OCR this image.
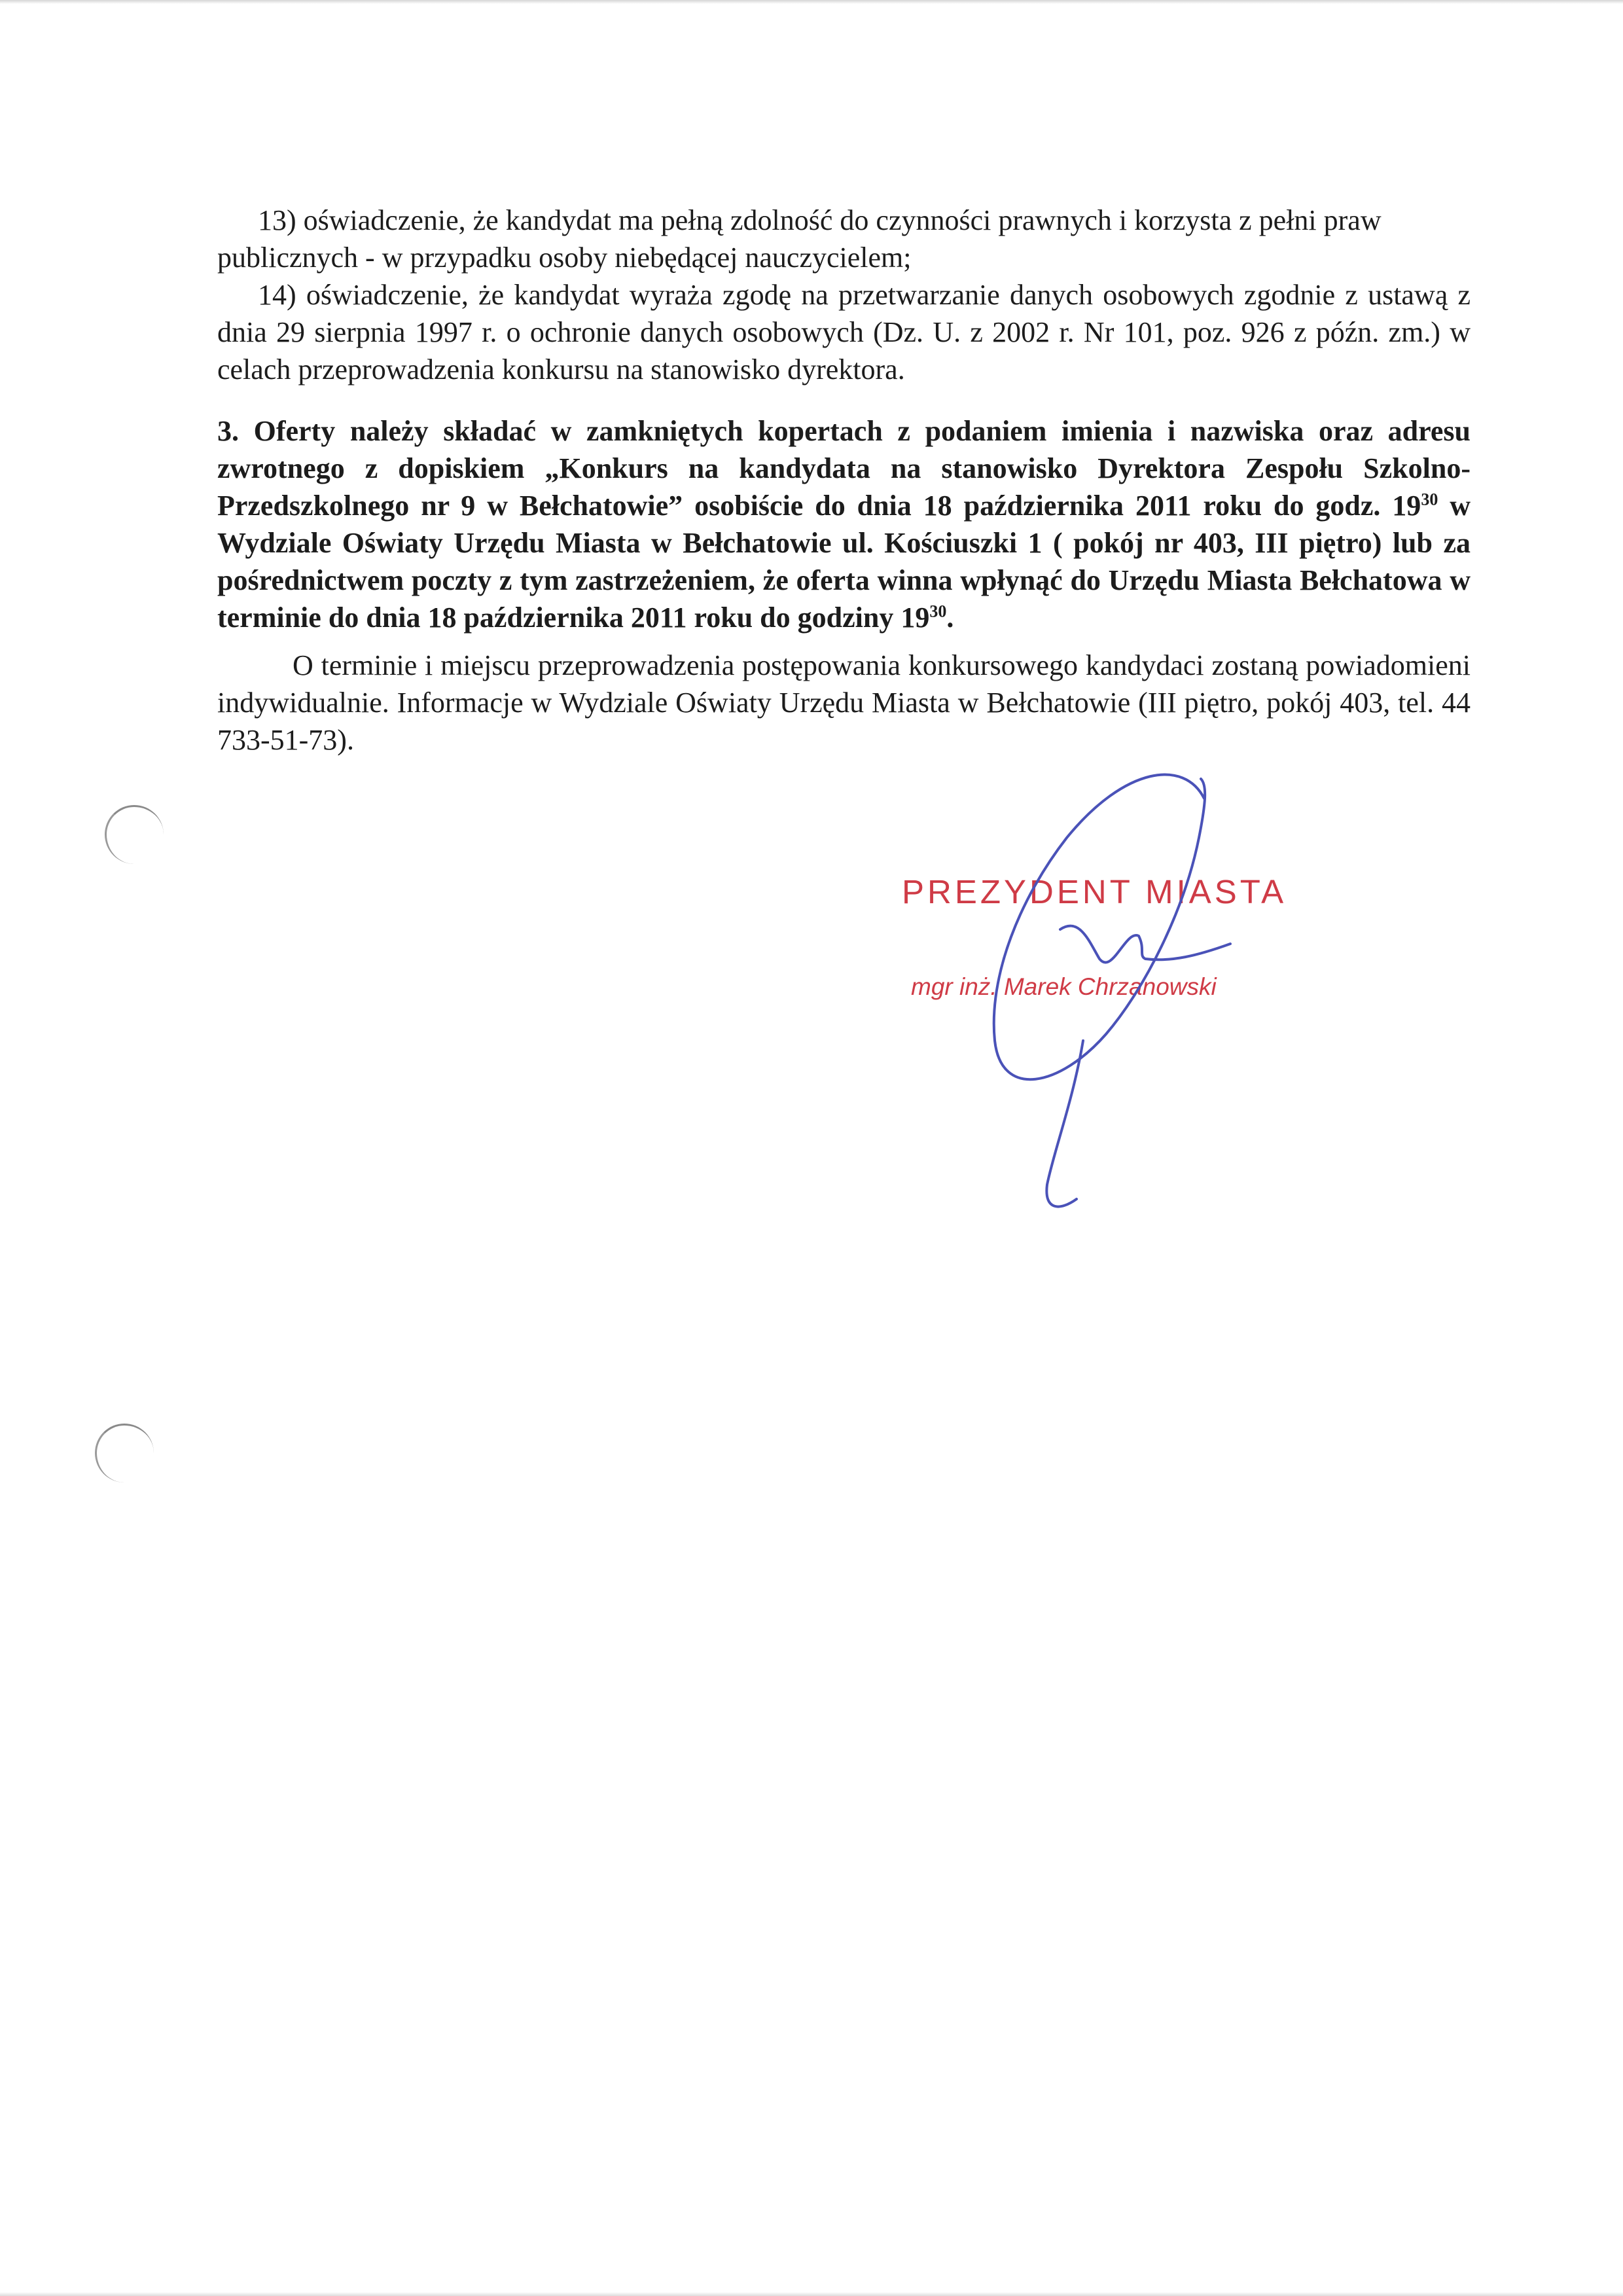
13) oświadczenie, że kandydat ma pełną zdolność do czynności prawnych i korzysta z pełni praw

publicznych - w przypadku osoby niebędącej nauczycielem;

14) oświadczenie, że kandydat wyraża zgodę na przetwarzanie danych osobowych zgodnie z ustawą z dnia 29 sierpnia 1997 r. o ochronie danych osobowych (Dz. U. z 2002 r. Nr 101, poz. 926 z późn. zm.) w celach przeprowadzenia konkursu na stanowisko dyrektora.

3. Oferty należy składać w zamkniętych kopertach z podaniem imienia i nazwiska oraz adresu zwrotnego z dopiskiem „Konkurs na kandydata na stanowisko Dyrektora Zespołu Szkolno-Przedszkolnego nr 9 w Bełchatowie” osobiście do dnia 18 października 2011 roku do godz. $19^{30}$ w Wydziale Oświaty Urzędu Miasta w Bełchatowie ul. Kościuszki 1 ( pokój nr 403, III piętro) lub za pośrednictwem poczty z tym zastrzeżeniem, że oferta winna wpłynąć do Urzędu Miasta Bełchatowa w terminie do dnia 18 października 2011 roku do godziny $19^{30}$.

O terminie i miejscu przeprowadzenia postępowania konkursowego kandydaci zostaną powiadomieni indywidualnie. Informacje w Wydziale Oświaty Urzędu Miasta w Bełchatowie (III piętro, pokój 403, tel. 44 733-51-73).

PREZYDENT MIASTA
mgr inż. Marek Chrzanowski
